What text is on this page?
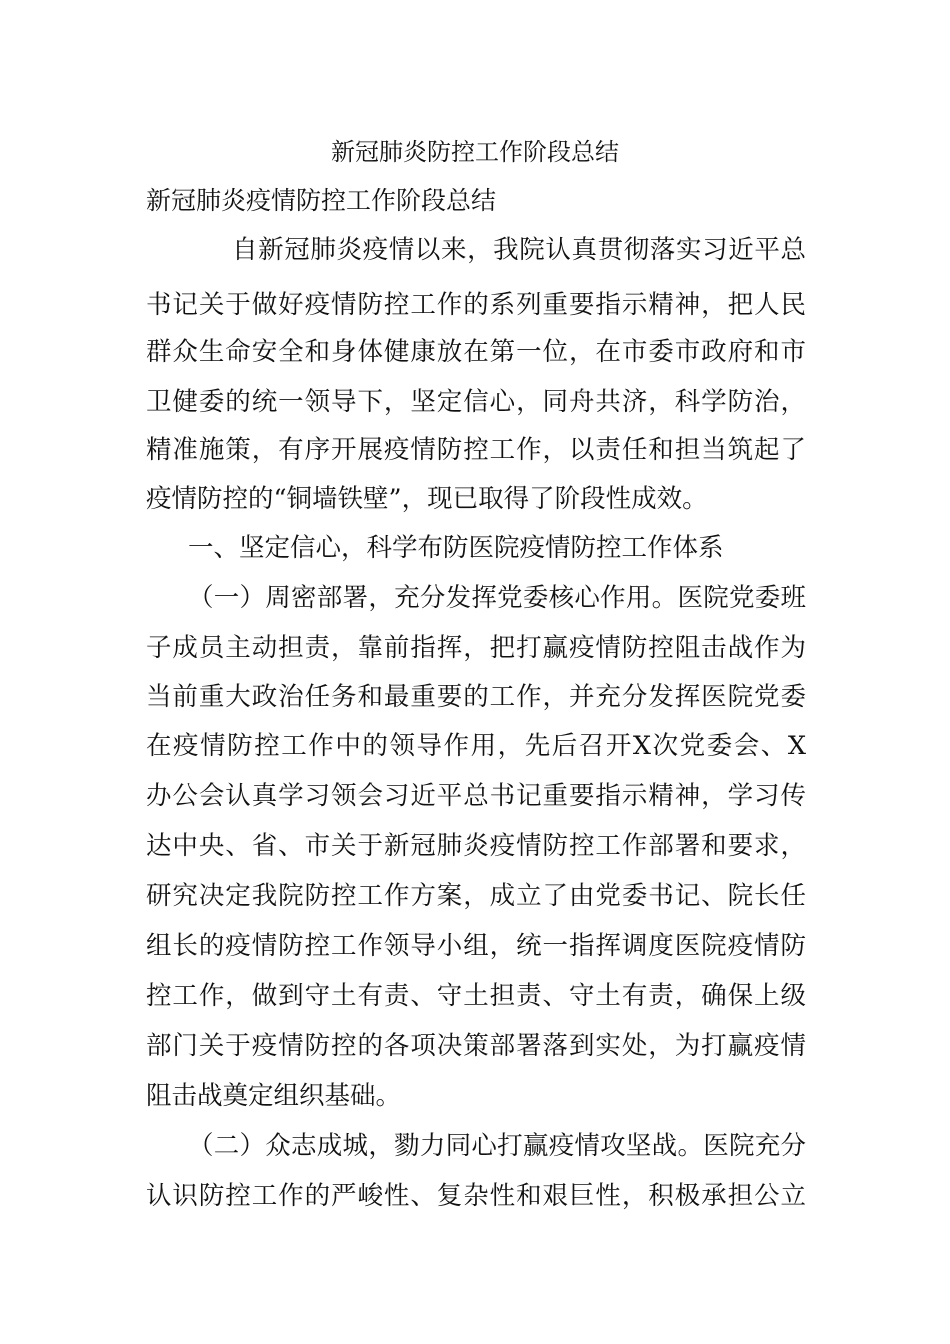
新冠肺炎防控工作阶段总结
新冠肺炎疫情防控工作阶段总结
自新冠肺炎疫情以来，我院认真贯彻落实习近平总
书记关于做好疫情防控工作的系列重要指示精神，把人民
群众生命安全和身体健康放在第一位，在市委市政府和市
卫健委的统一领导下，坚定信心，同舟共济，科学防治，
精准施策，有序开展疫情防控工作，以责任和担当筑起了
疫情防控的“铜墙铁壁”，现已取得了阶段性成效。
一、坚定信心，科学布防医院疫情防控工作体系
（一）周密部署，充分发挥党委核心作用。医院党委班
子成员主动担责，靠前指挥，把打赢疫情防控阻击战作为
当前重大政治任务和最重要的工作，并充分发挥医院党委
在疫情防控工作中的领导作用，先后召开X次党委会、X
办公会认真学习领会习近平总书记重要指示精神，学习传
达中央、省、市关于新冠肺炎疫情防控工作部署和要求，
研究决定我院防控工作方案，成立了由党委书记、院长任
组长的疫情防控工作领导小组，统一指挥调度医院疫情防
控工作，做到守土有责、守土担责、守土有责，确保上级
部门关于疫情防控的各项决策部署落到实处，为打赢疫情
阻击战奠定组织基础。
（二）众志成城，勠力同心打赢疫情攻坚战。医院充分
认识防控工作的严峻性、复杂性和艰巨性，积极承担公立
